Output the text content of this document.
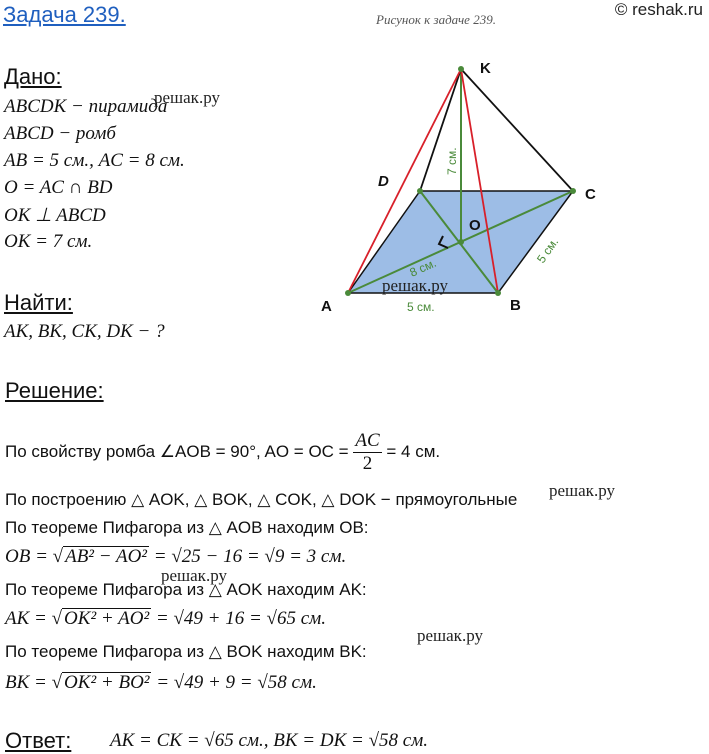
Задача 239.	© reshak.ru
Рисунок к задаче 239.
Дано:
ABCDK − пирамида
ABCD − ромб
AB = 5 см., AC = 8 см.
O = AC ∩ BD
OK ⊥ ABCD
OK = 7 см.
Найти:
AK, BK, CK, DK − ?
K
D
C
O
A	B
7 см.
8 см.
5 см.
5 см.
решак.ру
решак.ру
решак.ру
решак.ру
решак.ру
Решение:
По свойству ромба ∠AOB = 90°, AO = OC = $\frac{AC}{2} = 4$ см.
По построению △ AOK, △ BOK, △ COK, △ DOK − прямоугольные
По теореме Пифагора из △ AOB находим OB:
OB = √ AB² − AO² = √25 − 16 = √9 = 3 см.
По теореме Пифагора из △ AOK находим AK:
AK = √ OK² + AO² = √49 + 16 = √65 см.
По теореме Пифагора из △ BOK находим BK:
BK = √ OK² + BO² = √49 + 9 = √58 см.
Ответ: AK = CK = √65 см., BK = DK = √58 см.
